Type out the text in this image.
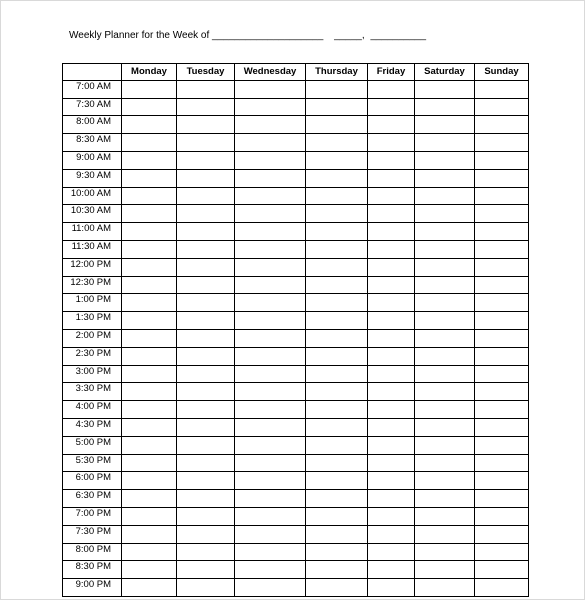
Weekly Planner for the Week of ____________________ _____, __________
	Monday	Tuesday	Wednesday	Thursday	Friday	Saturday	Sunday
7:00 AM							
7:30 AM							
8:00 AM							
8:30 AM							
9:00 AM							
9:30 AM							
10:00 AM							
10:30 AM							
11:00 AM							
11:30 AM							
12:00 PM							
12:30 PM							
1:00 PM							
1:30 PM							
2:00 PM							
2:30 PM							
3:00 PM							
3:30 PM							
4:00 PM							
4:30 PM							
5:00 PM							
5:30 PM							
6:00 PM							
6:30 PM							
7:00 PM							
7:30 PM							
8:00 PM							
8:30 PM							
9:00 PM							
